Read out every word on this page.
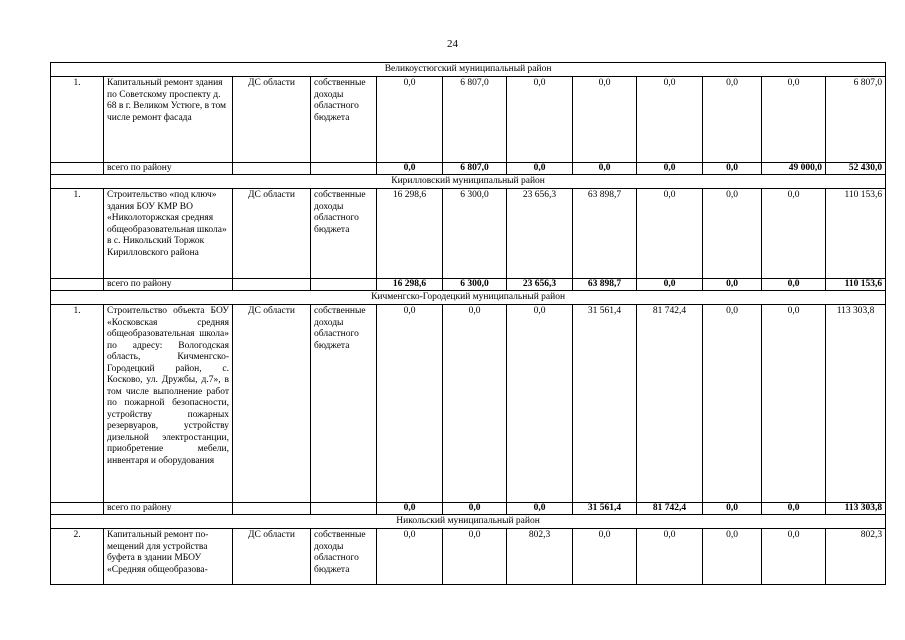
24
Великоустюгский муниципальный район											
1.	Капитальный ремонт здания по Советскому проспекту д. 68 в г. Великом Устюге, в том числе ремонт фасада	ДС области	собственные доходы областного бюджета	0,0	6 807,0	0,0	0,0	0,0	0,0	0,0	6 807,0
	всего по району			0,0	6 807,0	0,0	0,0	0,0	0,0	49 000,0	52 430,0
Кирилловский муниципальный район											
1.	Строительство «под ключ» здания БОУ КМР ВО «Николоторжская средняя общеобразовательная школа» в с. Никольский Торжок Кирилловского района	ДС области	собственные доходы областного бюджета	16 298,6	6 300,0	23 656,3	63 898,7	0,0	0,0	0,0	110 153,6
	всего по району			16 298,6	6 300,0	23 656,3	63 898,7	0,0	0,0	0,0	110 153,6
Кичменгско-Городецкий муниципальный район											
1.	Строительство объекта БОУ «Косковская средняя общеобразовательная школа» по адресу: Вологодская область, Кичменгско-Городецкий район, с. Косково, ул. Дружбы, д.7», в том числе выполнение работ по пожарной безопасности, устройству пожарных резервуаров, устройству дизельной электростанции, приобретение мебели, инвентаря и оборудования	ДС области	собственные доходы областного бюджета	0,0	0,0	0,0	31 561,4	81 742,4	0,0	0,0	113 303,8
	всего по району			0,0	0,0	0,0	31 561,4	81 742,4	0,0	0,0	113 303,8
Никольский муниципальный район											
2.	Капитальный ремонт помещений для устройства буфета в здании МБОУ «Средняя общеобразова-	ДС области	собственные доходы областного бюджета	0,0	0,0	802,3	0,0	0,0	0,0	0,0	802,3
